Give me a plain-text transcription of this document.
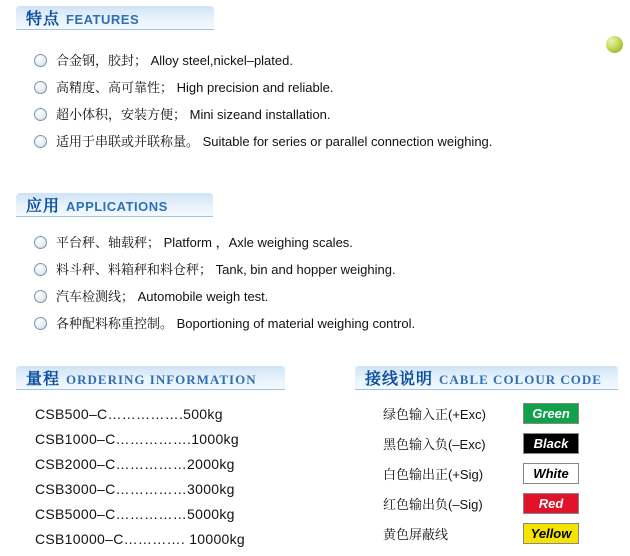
特点 FEATURES
合金钢，胶封； Alloy steel,nickel–plated.
高精度、高可靠性； High precision and reliable.
超小体积，安装方便； Mini sizeand installation.
适用于串联或并联称量。 Suitable for series or parallel connection weighing.
应用 APPLICATIONS
平台秤、轴载秤； Platform ，Axle weighing scales.
料斗秤、料箱秤和料仓秤； Tank, bin and hopper weighing.
汽车检测线； Automobile weigh test.
各种配料称重控制。 Boportioning of material weighing control.
量程 ORDERING INFORMATION
CSB500–C…………….500kg
CSB1000–C…………….1000kg
CSB2000–C……………2000kg
CSB3000–C……………3000kg
CSB5000–C……………5000kg
CSB10000–C…………. 10000kg
接线说明 CABLE COLOUR CODE
绿色输入正(+Exc)	Green
黑色输入负(–Exc)	Black
白色输出正(+Sig)	White
红色输出负(–Sig)	Red
黄色屏蔽线	Yellow
